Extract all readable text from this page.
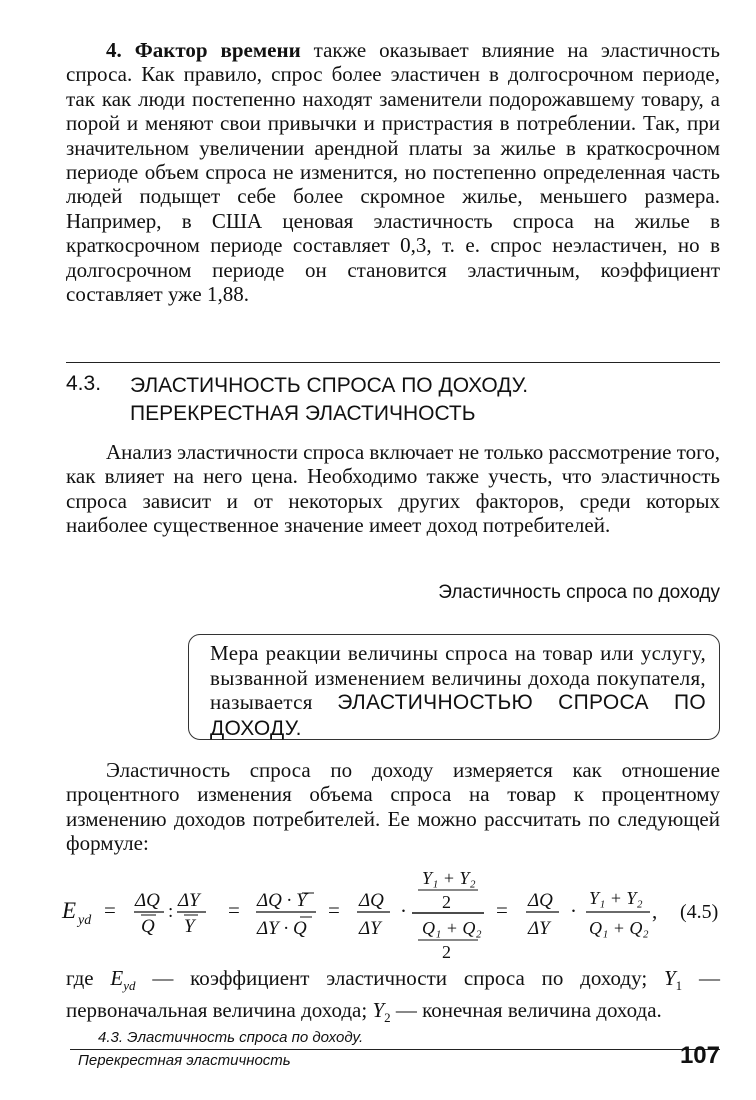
4. Фактор времени также оказывает влияние на эластичность спроса. Как правило, спрос более эластичен в долгосрочном периоде, так как люди постепенно находят заменители подорожавшему товару, а порой и меняют свои привычки и пристрастия в потреблении. Так, при значительном увеличении арендной платы за жилье в краткосрочном периоде объем спроса не изменится, но постепенно определенная часть людей подыщет себе более скромное жилье, меньшего размера. Например, в США ценовая эластичность спроса на жилье в краткосрочном периоде составляет 0,3, т. е. спрос неэластичен, но в долгосрочном периоде он становится эластичным, коэффициент составляет уже 1,88.

4.3. ЭЛАСТИЧНОСТЬ СПРОСА ПО ДОХОДУ.
ПЕРЕКРЕСТНАЯ ЭЛАСТИЧНОСТЬ

Анализ эластичности спроса включает не только рассмотрение того, как влияет на него цена. Необходимо также учесть, что эластичность спроса зависит и от некоторых других факторов, среди которых наиболее существенное значение имеет доход потребителей.

Эластичность спроса по доходу

Мера реакции величины спроса на товар или услугу, вызванной изменением величины дохода покупателя, называется ЭЛАСТИЧНОСТЬЮ СПРОСА ПО ДОХОДУ.

Эластичность спроса по доходу измеряется как отношение процентного изменения объема спроса на товар к процентному изменению доходов потребителей. Ее можно рассчитать по следующей формуле:

E yd = ΔQ
Q
:
ΔY
Y
= ΔQ · Y
ΔY · Q
= ΔQ
ΔY
·
Y₁ + Y₂
2
Q₁ + Q₂
2
= ΔQ
ΔY
·
Y₁ + Y₂
Q₁ + Q₂
, (4.5)

где $E_{yd}$ — коэффициент эластичности спроса по доходу; $Y_1$ — первоначальная величина дохода; $Y_2$ — конечная величина дохода.

4.3. Эластичность спроса по доходу.
Перекрестная эластичность	107
